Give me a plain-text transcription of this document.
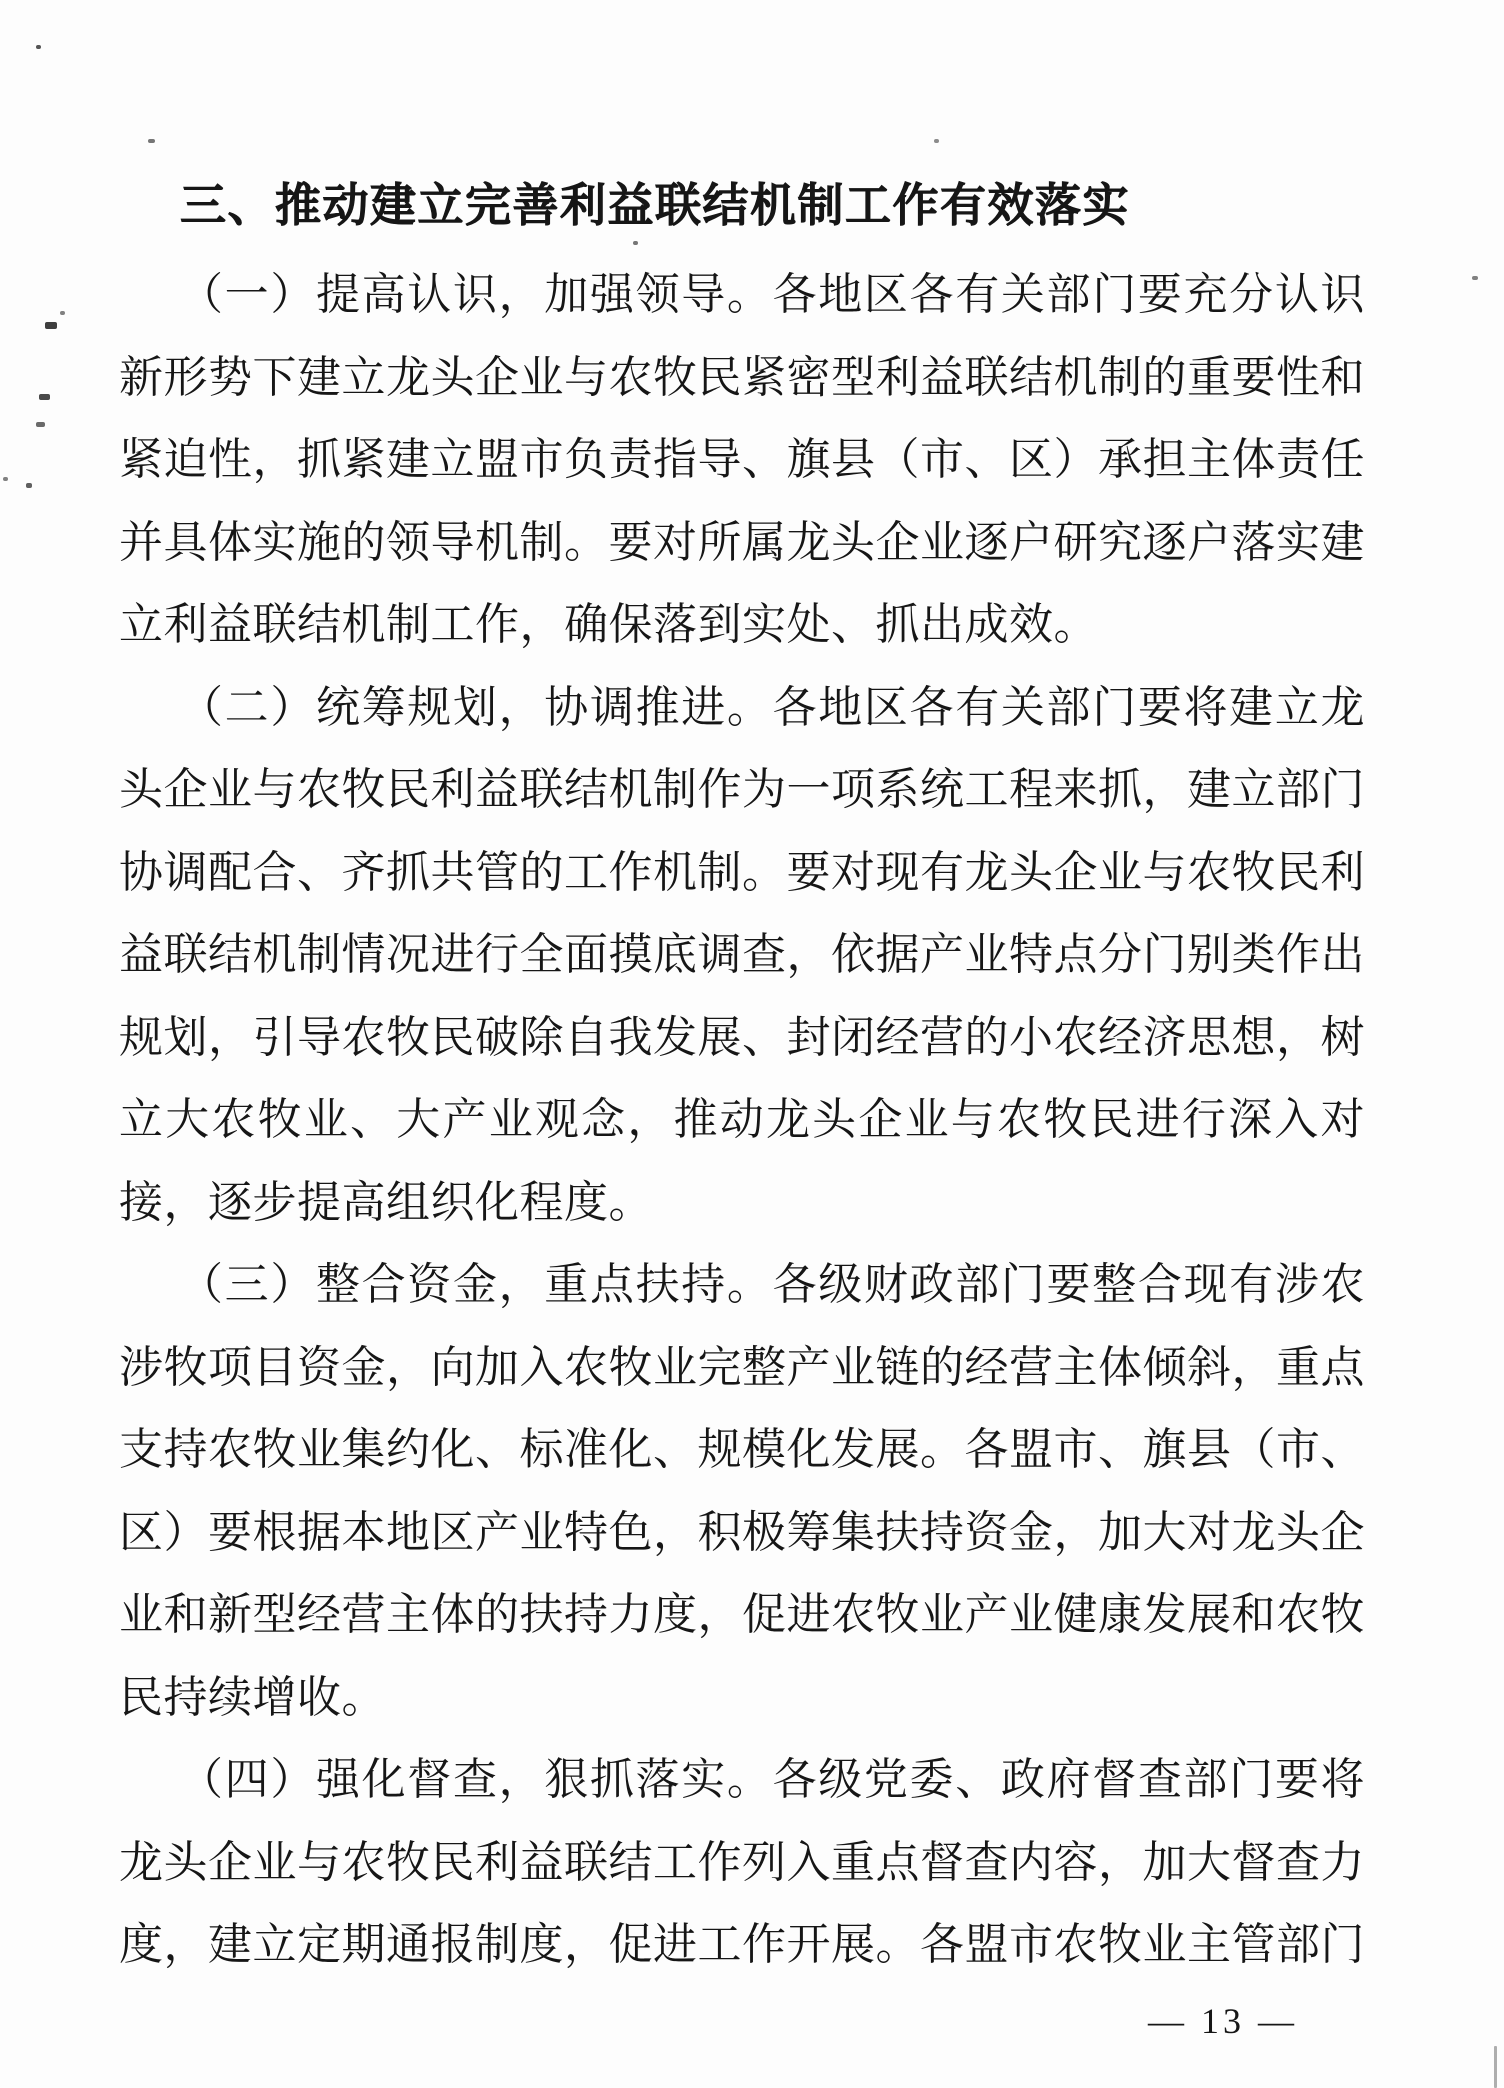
三、推动建立完善利益联结机制工作有效落实
（一）提高认识，加强领导。各地区各有关部门要充分认识
新形势下建立龙头企业与农牧民紧密型利益联结机制的重要性和
紧迫性，抓紧建立盟市负责指导、旗县（市、区）承担主体责任
并具体实施的领导机制。要对所属龙头企业逐户研究逐户落实建
立利益联结机制工作，确保落到实处、抓出成效。
（二）统筹规划，协调推进。各地区各有关部门要将建立龙
头企业与农牧民利益联结机制作为一项系统工程来抓，建立部门
协调配合、齐抓共管的工作机制。要对现有龙头企业与农牧民利
益联结机制情况进行全面摸底调查，依据产业特点分门别类作出
规划，引导农牧民破除自我发展、封闭经营的小农经济思想，树
立大农牧业、大产业观念，推动龙头企业与农牧民进行深入对
接，逐步提高组织化程度。
（三）整合资金，重点扶持。各级财政部门要整合现有涉农
涉牧项目资金，向加入农牧业完整产业链的经营主体倾斜，重点
支持农牧业集约化、标准化、规模化发展。各盟市、旗县（市、
区）要根据本地区产业特色，积极筹集扶持资金，加大对龙头企
业和新型经营主体的扶持力度，促进农牧业产业健康发展和农牧
民持续增收。
（四）强化督查，狠抓落实。各级党委、政府督查部门要将
龙头企业与农牧民利益联结工作列入重点督查内容，加大督查力
度，建立定期通报制度，促进工作开展。各盟市农牧业主管部门
— 13 —
